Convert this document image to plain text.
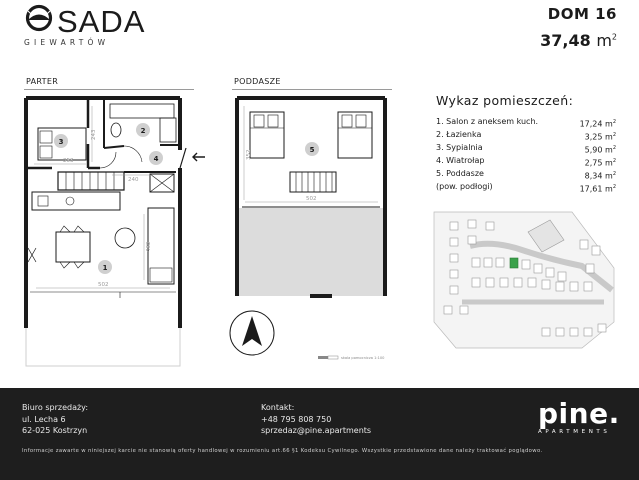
SADA
GIEWARTÓW
DOM 16
37,48 $m^2$
PARTER	PODDASZE
253
243
240
432
502
3
2
4
1
352
502
5
skala pomocnicza 1:100
Wykaz pomieszczeń:
1. Salon z aneksem kuch.	17,24 $m^2$
2. Łazienka	3,25 $m^2$
3. Sypialnia	5,90 $m^2$
4. Wiatrołap	2,75 $m^2$
5. Poddasze	8,34 $m^2$
(pow. podłogi)	17,61 $m^2$
Biuro sprzedaży:
ul. Lecha 6
62-025 Kostrzyn
Kontakt:
+48 795 808 750
sprzedaz@pine.apartments
pine.
APARTMENTS
Informacje zawarte w niniejszej karcie nie stanowią oferty handlowej w rozumieniu art.66 §1 Kodeksu Cywilnego. Wszystkie przedstawione dane należy traktować poglądowo.
